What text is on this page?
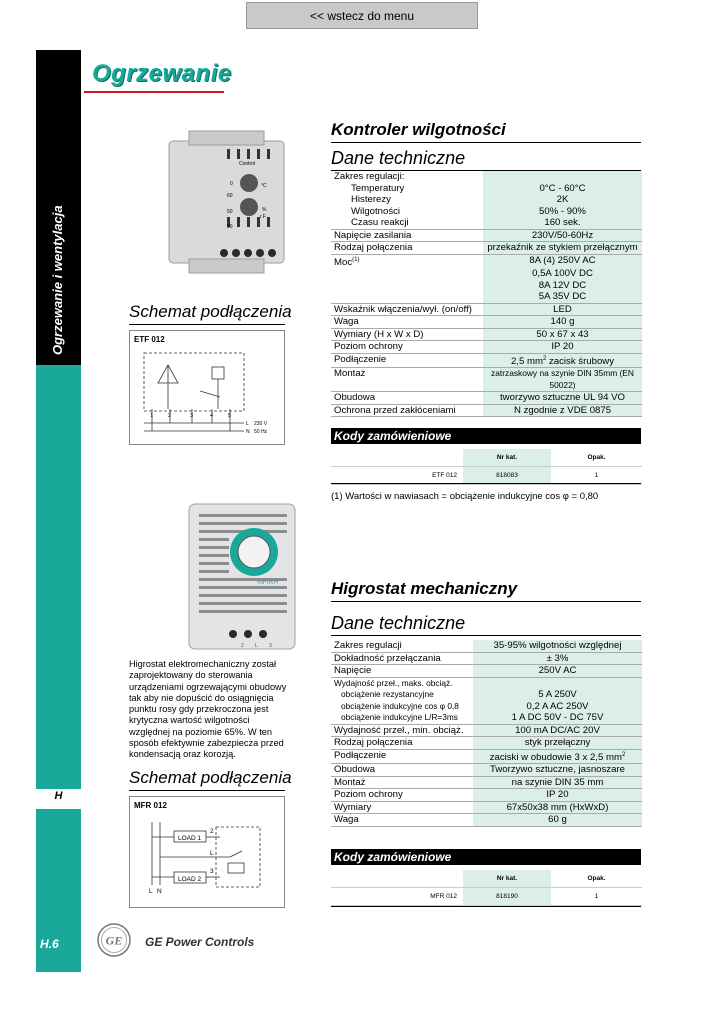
<< wstecz do menu
Ogrzewanie i wentylacja
H
H.6
Ogrzewanie
Control
0	°C
60
%
50
r.F
90
Kontroler wilgotności
Dane techniczne
Zakres regulacji:	
Temperatury	0°C - 60°C
Histerezy	2K
Wilgotności	50% - 90%
Czasu reakcji	160 sek.
Napięcie zasilania	230V/50-60Hz
Rodzaj połączenia	przekaźnik ze stykiem przełącznym
Moc$^{(1)}$	8A (4) 250V AC
	0,5A 100V DC
	8A 12V DC
	5A 35V DC
Wskaźnik włączenia/wył. (on/off)	LED
Waga	140 g
Wymiary (H x W x D)	50 x 67 x 43
Poziom ochrony	IP 20
Podłączenie	2,5 $mm^2$ zacisk śrubowy
Montaż	zatrzaskowy na szynie DIN 35mm (EN 50022)
Obudowa	tworzywo sztuczne UL 94 VO
Ochrona przed zakłóceniami	N zgodnie z VDE 0875
Schemat podłączenia
ETF 012
1	2	3	4	5
L 230 V
N 50 Hz	Kody zamówieniowe
	Nr kat.	Opak.
ETF 012	818083	1
(1) Wartości w nawiasach = obciążenie indukcyjne cos φ = 0,80
%F/RH
2 L 3
Higrostat elektromechaniczny został zaprojektowany do sterowania urządzeniami ogrzewającymi obudowy tak aby nie dopuścić do osiągnięcia punktu rosy gdy przekroczona jest krytyczna wartość wilgotności względnej na poziomie 65%. W ten sposób efektywnie zabezpiecza przed kondensacją oraz korozją.
Higrostat mechaniczny
Dane techniczne
Zakres regulacji	35-95% wilgotności względnej
Dokładność przełączania	± 3%
Napięcie	250V AC
Wydajność przeł., maks. obciąż.	
obciążenie rezystancyjne	5 A 250V
obciążenie indukcyjne cos φ 0,8	0,2 A AC 250V
obciążenie indukcyjne L/R=3ms	1 A DC 50V - DC 75V
Wydajność przeł., min. obciąż.	100 mA DC/AC 20V
Rodzaj połączenia	styk przełączny
Podłączenie	zaciski w obudowie 3 x 2,5 $mm^2$
Obudowa	Tworzywo sztuczne, jasnoszare
Montaż	na szynie DIN 35 mm
Poziom ochrony	IP 20
Wymiary	67x50x38 mm (HxWxD)
Waga	60 g
Schemat podłączenia
MFR 012
LOAD 1
LOAD 2
2
L
3
L N
Kody zamówieniowe
	Nr kat.	Opak.
MFR 012	818190	1
GE GE Power Controls
